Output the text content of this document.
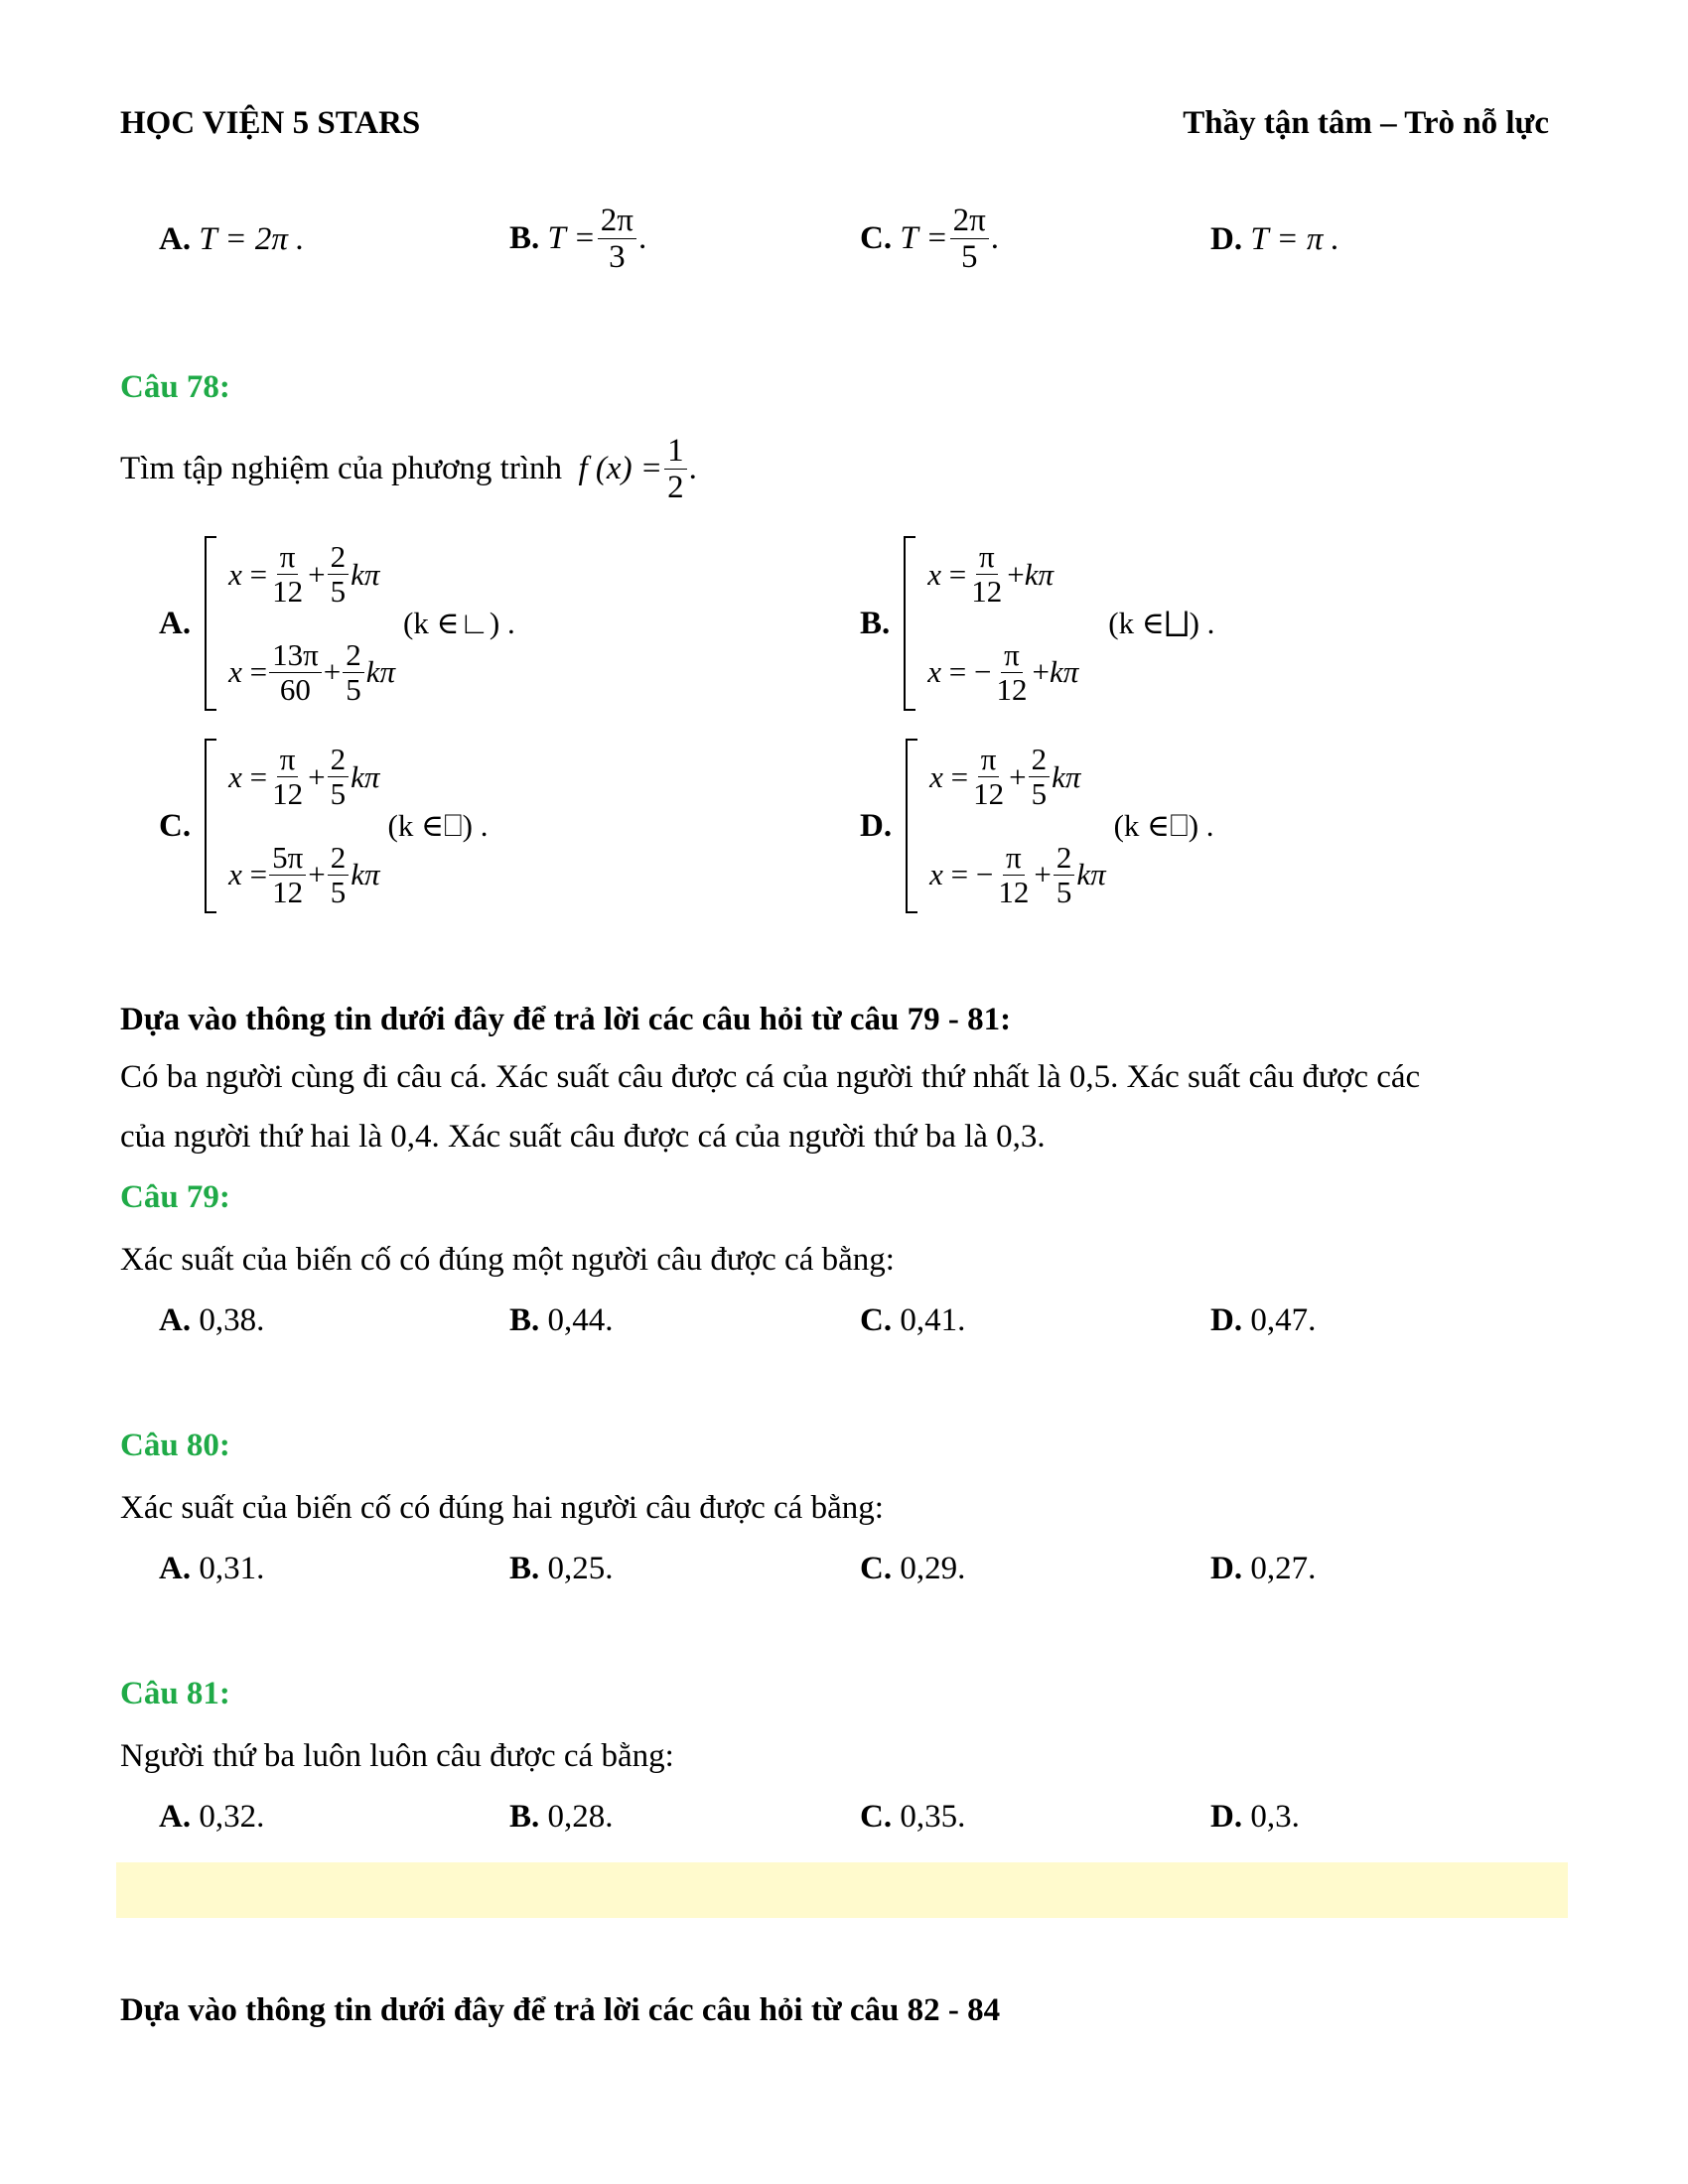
HỌC VIỆN 5 STARS	Thầy tận tâm – Trò nỗ lực
A. T = 2π .	B.
$T = \frac{2\pi}{3}$ .	C.
$T = \frac{2\pi}{5}$ .	D. T = π .
Câu 78:
Tìm tập nghiệm của phương trình
f $(x) = \frac{1}{2}$ .
A.
$x = \frac{\pi}{12} + \frac{2}{5}$ kπ
$x = \frac{13\pi}{60} + \frac{2}{5}$ kπ
(k ∈∟) .	B.
$x = \frac{\pi}{12} + k\pi$
x = − $\frac{\pi}{12} + k\pi$
(k ∈⨆) .
C.
$x = \frac{\pi}{12} + \frac{2}{5}$ kπ
$x = \frac{5\pi}{12} + \frac{2}{5}$ kπ
(k ∈⎕) .	D.
$x = \frac{\pi}{12} + \frac{2}{5}$ kπ
x = − $\frac{\pi}{12} + \frac{2}{5}$ kπ
(k ∈⎕) .
Dựa vào thông tin dưới đây để trả lời các câu hỏi từ câu 79 - 81:
Có ba người cùng đi câu cá. Xác suất câu được cá của người thứ nhất là 0,5. Xác suất câu được các
của người thứ hai là 0,4. Xác suất câu được cá của người thứ ba là 0,3.
Câu 79:
Xác suất của biến cố có đúng một người câu được cá bằng:
A. 0,38.	B. 0,44.	C. 0,41.	D. 0,47.
Câu 80:
Xác suất của biến cố có đúng hai người câu được cá bằng:
A. 0,31.	B. 0,25.	C. 0,29.	D. 0,27.
Câu 81:
Người thứ ba luôn luôn câu được cá bằng:
A. 0,32.	B. 0,28.	C. 0,35.	D. 0,3.
Dựa vào thông tin dưới đây để trả lời các câu hỏi từ câu 82 - 84
